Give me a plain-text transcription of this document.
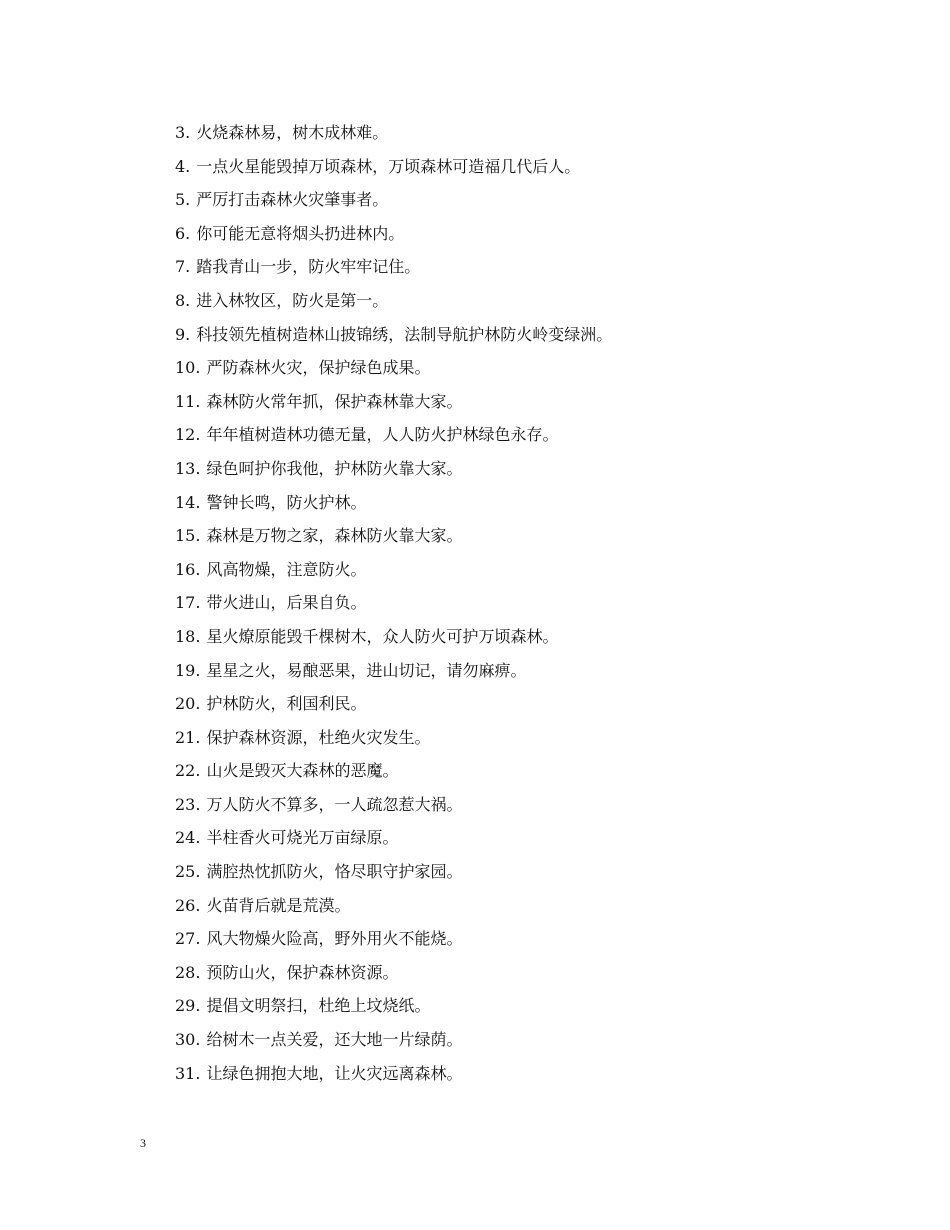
3. 火烧森林易，树木成林难。
4. 一点火星能毁掉万顷森林，万顷森林可造福几代后人。
5. 严厉打击森林火灾肇事者。
6. 你可能无意将烟头扔进林内。
7. 踏我青山一步，防火牢牢记住。
8. 进入林牧区，防火是第一。
9. 科技领先植树造林山披锦绣，法制导航护林防火岭变绿洲。
10. 严防森林火灾，保护绿色成果。
11. 森林防火常年抓，保护森林靠大家。
12. 年年植树造林功德无量，人人防火护林绿色永存。
13. 绿色呵护你我他，护林防火靠大家。
14. 警钟长鸣，防火护林。
15. 森林是万物之家，森林防火靠大家。
16. 风高物燥，注意防火。
17. 带火进山，后果自负。
18. 星火燎原能毁千棵树木，众人防火可护万顷森林。
19. 星星之火，易酿恶果，进山切记，请勿麻痹。
20. 护林防火，利国利民。
21. 保护森林资源，杜绝火灾发生。
22. 山火是毁灭大森林的恶魔。
23. 万人防火不算多，一人疏忽惹大祸。
24. 半柱香火可烧光万亩绿原。
25. 满腔热忱抓防火，恪尽职守护家园。
26. 火苗背后就是荒漠。
27. 风大物燥火险高，野外用火不能烧。
28. 预防山火，保护森林资源。
29. 提倡文明祭扫，杜绝上坟烧纸。
30. 给树木一点关爱，还大地一片绿荫。
31. 让绿色拥抱大地，让火灾远离森林。
3
